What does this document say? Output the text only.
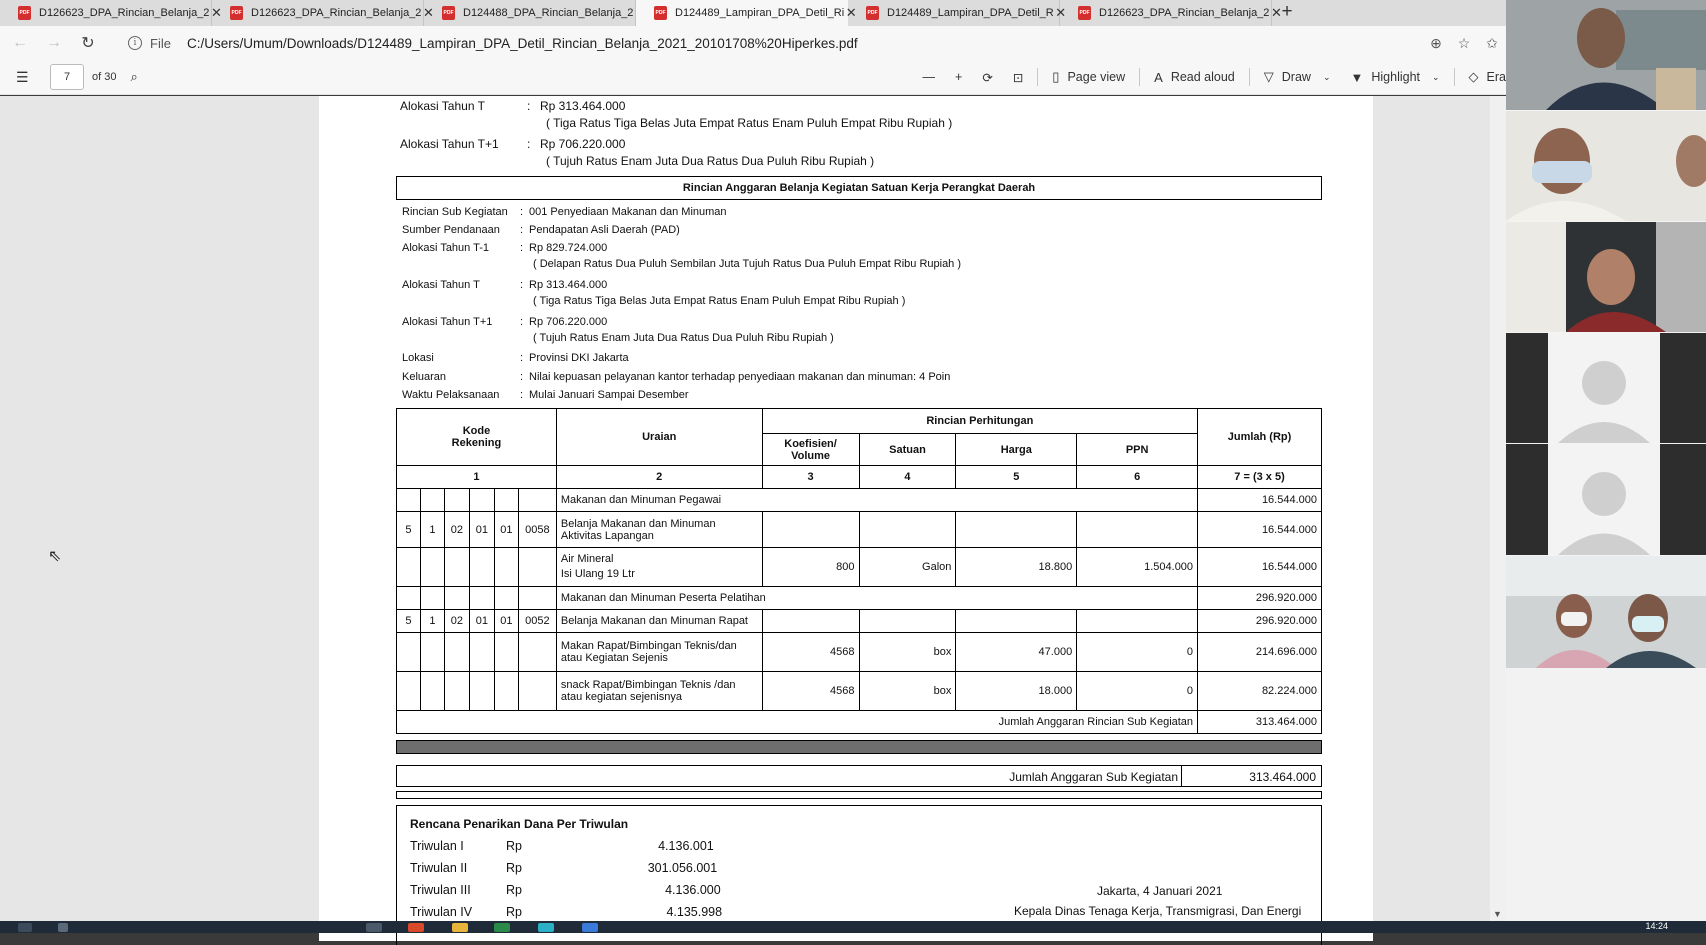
PDF D126623_DPA_Rincian_Belanja_2 ✕	PDF D126623_DPA_Rincian_Belanja_2 ✕	PDF D124488_DPA_Rincian_Belanja_2	PDF D124489_Lampiran_DPA_Detil_Ri ✕	PDF D124489_Lampiran_DPA_Detil_R ✕	PDF D126623_DPA_Rincian_Belanja_2 ✕ +
←	→	↻	i	File C:/Users/Umum/Downloads/D124489_Lampiran_DPA_Detil_Rincian_Belanja_2021_20101708%20Hiperkes.pdf	⊕	☆	✩
☰	7	of 30 ⌕	—	+	⟳	⊡	▯ Page view A Read aloud ▽ Draw ⌄ ▼ Highlight ⌄ ◇ Era
⇖
Alokasi Tahun T	: Rp 313.464.000
( Tiga Ratus Tiga Belas Juta Empat Ratus Enam Puluh Empat Ribu Rupiah )
Alokasi Tahun T+1 : Rp 706.220.000
( Tujuh Ratus Enam Juta Dua Ratus Dua Puluh Ribu Rupiah )
Rincian Anggaran Belanja Kegiatan Satuan Kerja Perangkat Daerah
Rincian Sub Kegiatan : 001 Penyediaan Makanan dan Minuman
Sumber Pendanaan : Pendapatan Asli Daerah (PAD)
Alokasi Tahun T-1	: Rp 829.724.000
( Delapan Ratus Dua Puluh Sembilan Juta Tujuh Ratus Dua Puluh Empat Ribu Rupiah )
Alokasi Tahun T	: Rp 313.464.000
( Tiga Ratus Tiga Belas Juta Empat Ratus Enam Puluh Empat Ribu Rupiah )
Alokasi Tahun T+1	: Rp 706.220.000
( Tujuh Ratus Enam Juta Dua Ratus Dua Puluh Ribu Rupiah )
Lokasi	: Provinsi DKI Jakarta
Keluaran	: Nilai kepuasan pelayanan kantor terhadap penyediaan makanan dan minuman: 4 Poin
Waktu Pelaksanaan : Mulai Januari Sampai Desember
Kode
Rekening						Uraian	Rincian Perhitungan				Jumlah (Rp)
							Koefisien/
Volume	Satuan	Harga	PPN	
1						2	3	4	5	6	7 = (3 x 5)
						Makanan dan Minuman Pegawai					16.544.000
5	1	02	01	01	0058	Belanja Makanan dan Minuman
Aktivitas Lapangan					16.544.000
						Air Mineral
Isi Ulang 19 Ltr	800	Galon	18.800	1.504.000	16.544.000
						Makanan dan Minuman Peserta Pelatihan					296.920.000
5	1	02	01	01	0052	Belanja Makanan dan Minuman Rapat					296.920.000
						Makan Rapat/Bimbingan Teknis/dan
atau Kegiatan Sejenis	4568	box	47.000	0	214.696.000
						snack Rapat/Bimbingan Teknis /dan
atau kegiatan sejenisnya	4568	box	18.000	0	82.224.000
Jumlah Anggaran Rincian Sub Kegiatan											313.464.000
Jumlah Anggaran Sub Kegiatan	313.464.000
Rencana Penarikan Dana Per Triwulan
Triwulan I	Rp	4.136.001
Triwulan II	Rp	301.056.001
Triwulan III	Rp	4.136.000
Triwulan IV	Rp	4.135.998
Jakarta, 4 Januari 2021
Kepala Dinas Tenaga Kerja, Transmigrasi, Dan Energi	▼
14:24
